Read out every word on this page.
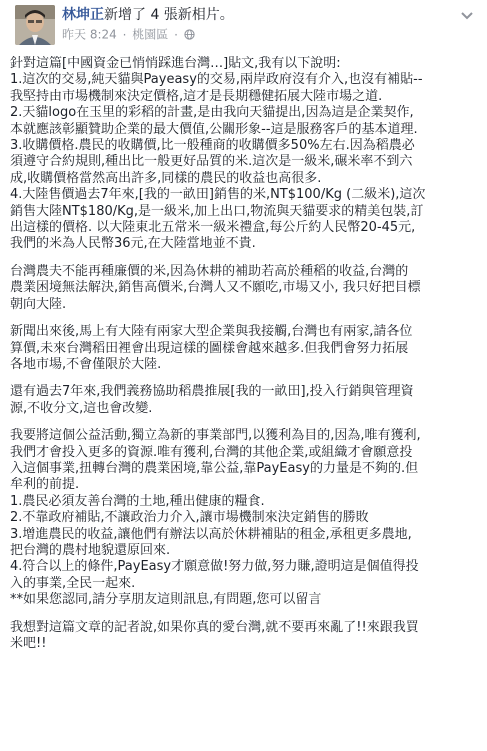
林坤正新增了 4 張新相片。
昨天 8:24 · 桃園區 ·
針對這篇[中國資金已悄悄踩進台灣…]貼文,我有以下說明:
1.這次的交易,純天貓與Payeasy的交易,兩岸政府沒有介入,也沒有補貼--
我堅持由市場機制來決定價格,這才是長期穩健拓展大陸市場之道.
2.天貓logo在玉里的彩稻的計畫,是由我向天貓提出,因為這是企業契作,
本就應該彰顯贊助企業的最大價值,公關形象--這是服務客戶的基本道理.
3.收購價格.農民的收購價,比一般種商的收購價多50%左右.因為稻農必
須遵守合約規則,種出比一般更好品質的米.這次是一級米,碾米率不到六
成,收購價格當然高出許多,同樣的農民的收益也高很多.
4.大陸售價過去7年來,[我的一畝田]銷售的米,NT$100/Kg (二級米),這次
銷售大陸NT$180/Kg,是一級米,加上出口,物流與天貓要求的精美包裝,訂
出這樣的價格. 以大陸東北五常米一級米禮盒,每公斤約人民幣20-45元,
我們的米為人民幣36元,在大陸當地並不貴.
台灣農夫不能再種廉價的米,因為休耕的補助若高於種稻的收益,台灣的
農業困境無法解決,銷售高價米,台灣人又不願吃,市場又小, 我只好把目標
朝向大陸.
新聞出來後,馬上有大陸有兩家大型企業與我接觸,台灣也有兩家,請各位
算價,未來台灣稻田裡會出現這樣的圖樣會越來越多.但我們會努力拓展
各地市場,不會僅限於大陸.
還有過去7年來,我們義務協助稻農推展[我的一畝田],投入行銷與管理資
源,不收分文,這也會改變.
我要將這個公益活動,獨立為新的事業部門,以獲利為目的,因為,唯有獲利,
我們才會投入更多的資源.唯有獲利,台灣的其他企業,或組織才會願意投
入這個事業,扭轉台灣的農業困境,靠公益,靠PayEasy的力量是不夠的.但
牟利的前提.
1.農民必須友善台灣的土地,種出健康的糧食.
2.不靠政府補貼,不讓政治力介入,讓市場機制來決定銷售的勝敗
3.增進農民的收益,讓他們有辦法以高於休耕補貼的租金,承租更多農地,
把台灣的農村地貌還原回來.
4.符合以上的條件,PayEasy才願意做!努力做,努力賺,證明這是個值得投
入的事業,全民一起來.
**如果您認同,請分享朋友這則訊息,有問題,您可以留言
我想對這篇文章的記者說,如果你真的愛台灣,就不要再來亂了!!來跟我買
米吧!!
